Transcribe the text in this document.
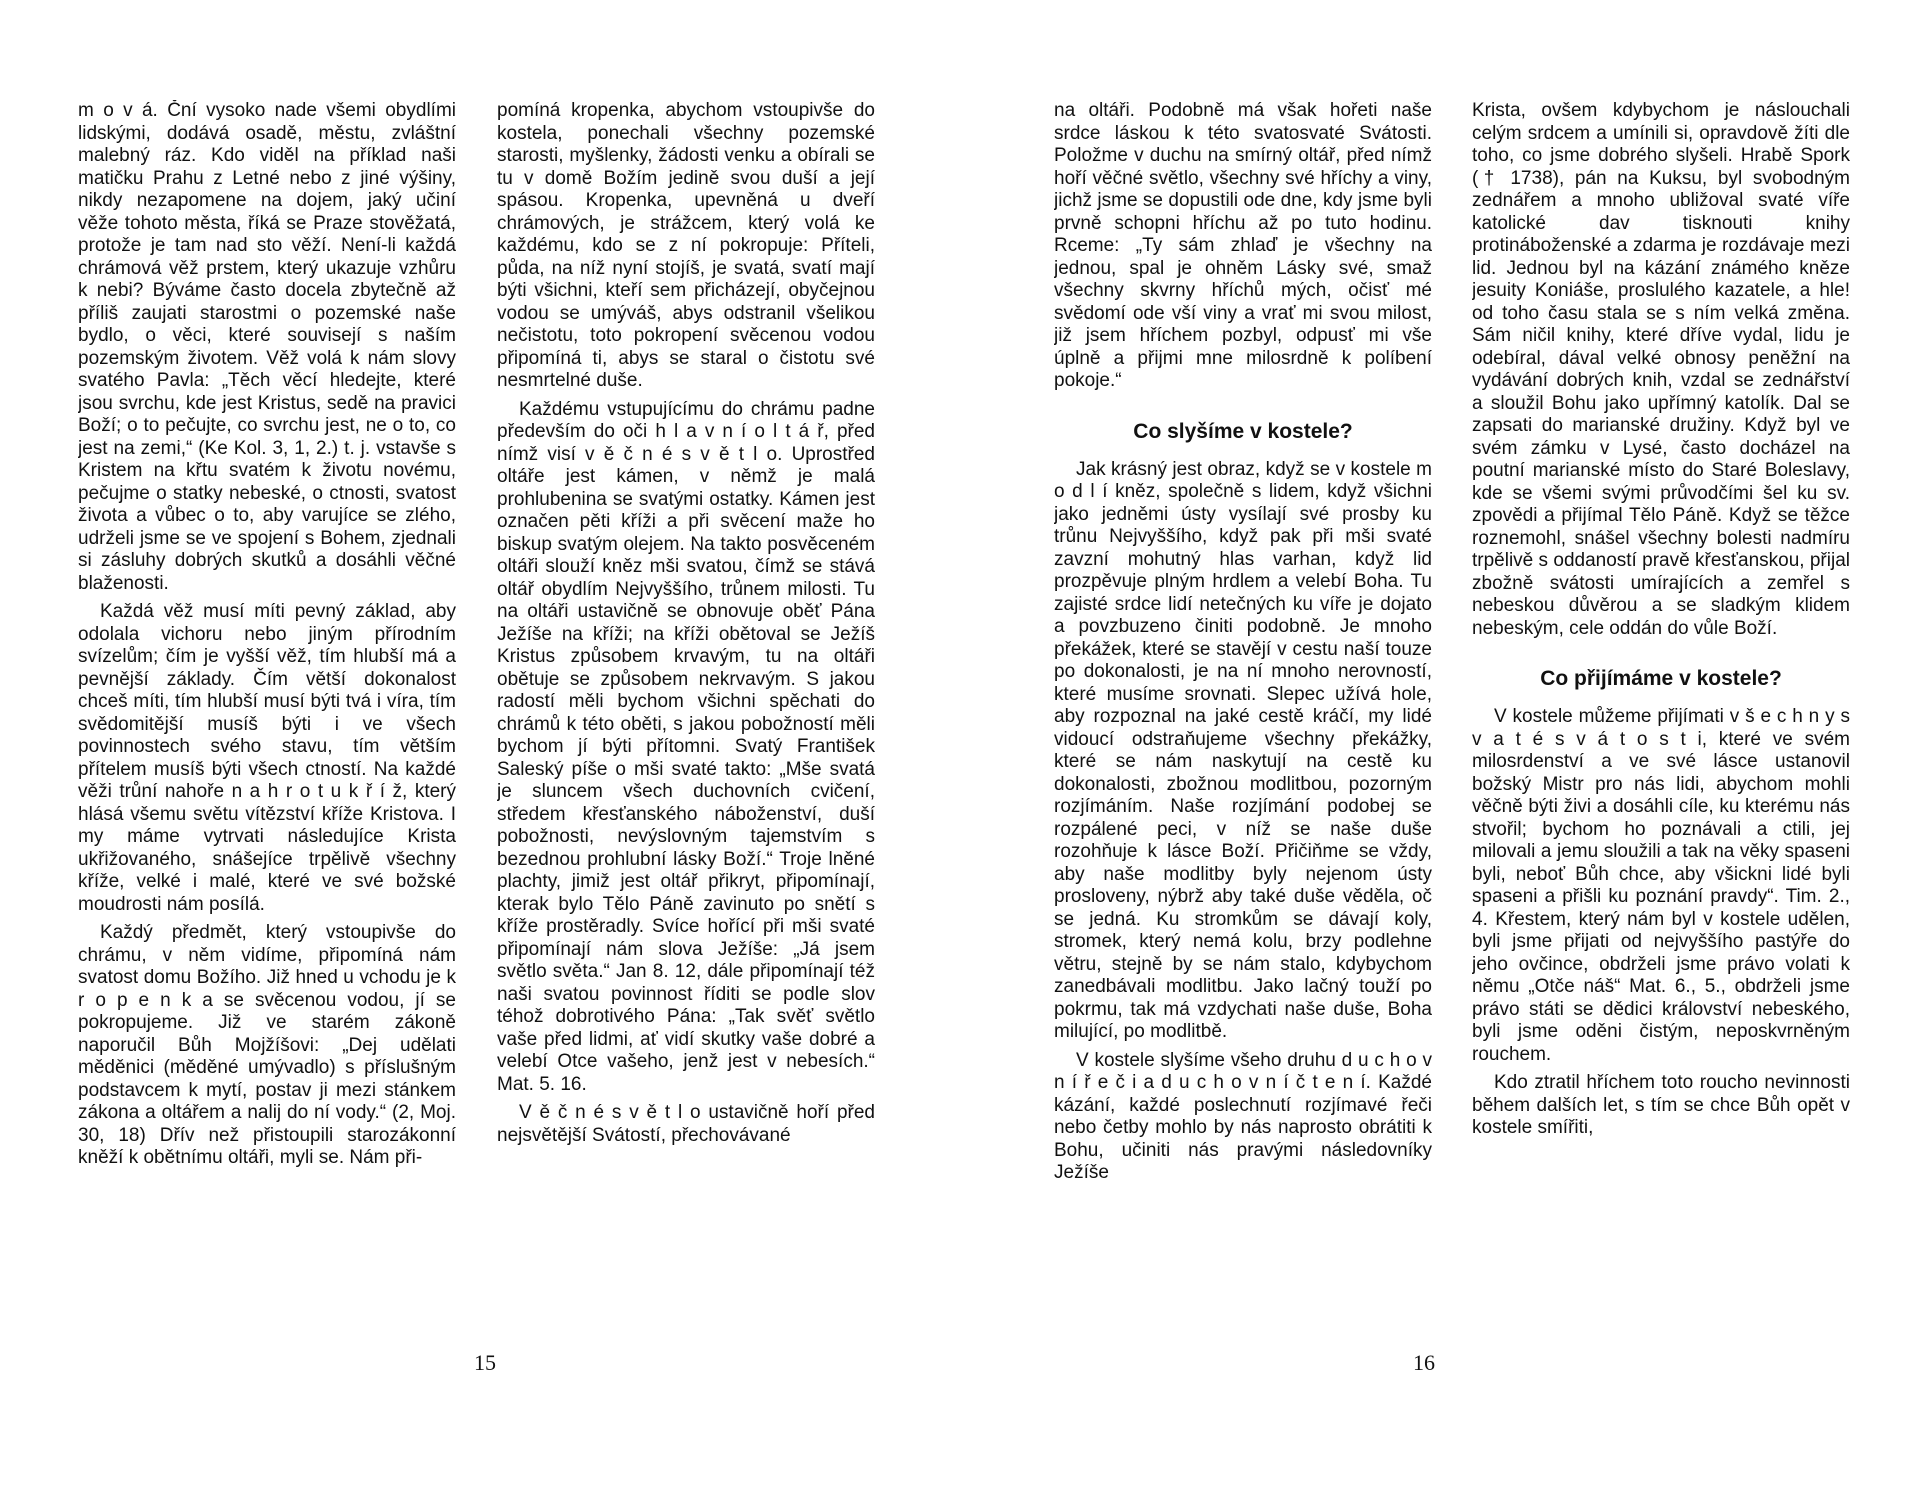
m o v á. Ční vysoko nade všemi obydlími lidskými, dodává osadě, městu, zvláštní malebný ráz. Kdo viděl na příklad naši matičku Prahu z Letné nebo z jiné výšiny, nikdy nezapomene na dojem, jaký učiní věže tohoto města, říká se Praze stověžatá, protože je tam nad sto věží. Není-li každá chrámová věž prstem, který ukazuje vzhůru k nebi? Býváme často docela zbytečně až příliš zaujati starostmi o pozemské naše bydlo, o věci, které souvisejí s naším pozemským životem. Věž volá k nám slovy svatého Pavla: „Těch věcí hledejte, které jsou svrchu, kde jest Kristus, sedě na pravici Boží; o to pečujte, co svrchu jest, ne o to, co jest na zemi,“ (Ke Kol. 3, 1, 2.) t. j. vstavše s Kristem na křtu svatém k životu novému, pečujme o statky nebeské, o ctnosti, svatost života a vůbec o to, aby varujíce se zlého, udrželi jsme se ve spojení s Bohem, zjednali si zásluhy dobrých skutků a dosáhli věčné blaženosti.

Každá věž musí míti pevný základ, aby odolala vichoru nebo jiným přírodním svízelům; čím je vyšší věž, tím hlubší má a pevnější základy. Čím větší dokonalost chceš míti, tím hlubší musí býti tvá i víra, tím svědomitější musíš býti i ve všech povinnostech svého stavu, tím větším přítelem musíš býti všech ctností. Na každé věži trůní nahoře n a h r o t u k ř í ž, který hlásá všemu světu vítězství kříže Kristova. I my máme vytrvati následujíce Krista ukřižovaného, snášejíce trpělivě všechny kříže, velké i malé, které ve své božské moudrosti nám posílá.

Každý předmět, který vstoupivše do chrámu, v něm vidíme, připomíná nám svatost domu Božího. Již hned u vchodu je k r o p e n k a se svěcenou vodou, jí se pokropujeme. Již ve starém zákoně naporučil Bůh Mojžíšovi: „Dej udělati měděnici (měděné umývadlo) s příslušným podstavcem k mytí, postav ji mezi stánkem zákona a oltářem a nalij do ní vody.“ (2, Moj. 30, 18) Dřív než přistoupili starozákonní kněží k obětnímu oltáři, myli se. Nám při-

pomíná kropenka, abychom vstoupivše do kostela, ponechali všechny pozemské starosti, myšlenky, žádosti venku a obírali se tu v domě Božím jedině svou duší a její spásou. Kropenka, upevněná u dveří chrámových, je strážcem, který volá ke každému, kdo se z ní pokropuje: Příteli, půda, na níž nyní stojíš, je svatá, svatí mají býti všichni, kteří sem přicházejí, obyčejnou vodou se umýváš, abys odstranil všelikou nečistotu, toto pokropení svěcenou vodou připomíná ti, abys se staral o čistotu své nesmrtelné duše.

Každému vstupujícímu do chrámu padne především do oči h l a v n í o l t á ř, před nímž visí v ě č n é s v ě t l o. Uprostřed oltáře jest kámen, v němž je malá prohlubenina se svatými ostatky. Kámen jest označen pěti kříži a při svěcení maže ho biskup svatým olejem. Na takto posvěceném oltáři slouží kněz mši svatou, čímž se stává oltář obydlím Nejvyššího, trůnem milosti. Tu na oltáři ustavičně se obnovuje oběť Pána Ježíše na kříži; na kříži obětoval se Ježíš Kristus způsobem krvavým, tu na oltáři obětuje se způsobem nekrvavým. S jakou radostí měli bychom všichni spěchati do chrámů k této oběti, s jakou pobožností měli bychom jí býti přítomni. Svatý František Saleský píše o mši svaté takto: „Mše svatá je sluncem všech duchovních cvičení, středem křesťanského náboženství, duší pobožnosti, nevýslovným tajemstvím s bezednou prohlubní lásky Boží.“ Troje lněné plachty, jimiž jest oltář přikryt, připomínají, kterak bylo Tělo Páně zavinuto po snětí s kříže prostěradly. Svíce hořící při mši svaté připomínají nám slova Ježíše: „Já jsem světlo světa.“ Jan 8. 12, dále připomínají též naši svatou povinnost říditi se podle slov téhož dobrotivého Pána: „Tak svěť světlo vaše před lidmi, ať vidí skutky vaše dobré a velebí Otce vašeho, jenž jest v nebesích.“ Mat. 5. 16.

V ě č n é s v ě t l o ustavičně hoří před nejsvětější Svátostí, přechovávané

15

na oltáři. Podobně má však hořeti naše srdce láskou k této svatosvaté Svátosti. Položme v duchu na smírný oltář, před nímž hoří věčné světlo, všechny své hříchy a viny, jichž jsme se dopustili ode dne, kdy jsme byli prvně schopni hříchu až po tuto hodinu. Rceme: „Ty sám zhlaď je všechny na jednou, spal je ohněm Lásky své, smaž všechny skvrny hříchů mých, očisť mé svědomí ode vší viny a vrať mi svou milost, již jsem hříchem pozbyl, odpusť mi vše úplně a přijmi mne milosrdně k políbení pokoje.“

Co slyšíme v kostele?

Jak krásný jest obraz, když se v kostele m o d l í kněz, společně s lidem, když všichni jako jedněmi ústy vysílají své prosby ku trůnu Nejvyššího, když pak při mši svaté zavzní mohutný hlas varhan, když lid prozpěvuje plným hrdlem a velebí Boha. Tu zajisté srdce lidí netečných ku víře je dojato a povzbuzeno činiti podobně. Je mnoho překážek, které se stavějí v cestu naší touze po dokonalosti, je na ní mnoho nerovností, které musíme srovnati. Slepec užívá hole, aby rozpoznal na jaké cestě kráčí, my lidé vidoucí odstraňujeme všechny překážky, které se nám naskytují na cestě ku dokonalosti, zbožnou modlitbou, pozorným rozjímáním. Naše rozjímání podobej se rozpálené peci, v níž se naše duše rozohňuje k lásce Boží. Přičiňme se vždy, aby naše modlitby byly nejenom ústy prosloveny, nýbrž aby také duše věděla, oč se jedná. Ku stromkům se dávají koly, stromek, který nemá kolu, brzy podlehne větru, stejně by se nám stalo, kdybychom zanedbávali modlitbu. Jako lačný touží po pokrmu, tak má vzdychati naše duše, Boha milující, po modlitbě.

V kostele slyšíme všeho druhu d u c h o v n í ř e č i a d u c h o v n í č t e n í. Každé kázání, každé poslechnutí rozjímavé řeči nebo četby mohlo by nás naprosto obrátiti k Bohu, učiniti nás pravými následovníky Ježíše

Krista, ovšem kdybychom je náslouchali celým srdcem a umínili si, opravdově žíti dle toho, co jsme dobrého slyšeli. Hrabě Spork († 1738), pán na Kuksu, byl svobodným zednářem a mnoho ubližoval svaté víře katolické dav tisknouti knihy protináboženské a zdarma je rozdávaje mezi lid. Jednou byl na kázání známého kněze jesuity Koniáše, proslulého kazatele, a hle! od toho času stala se s ním velká změna. Sám ničil knihy, které dříve vydal, lidu je odebíral, dával velké obnosy peněžní na vydávání dobrých knih, vzdal se zednářství a sloužil Bohu jako upřímný katolík. Dal se zapsati do marianské družiny. Když byl ve svém zámku v Lysé, často docházel na poutní marianské místo do Staré Boleslavy, kde se všemi svými průvodčími šel ku sv. zpovědi a přijímal Tělo Páně. Když se těžce roznemohl, snášel všechny bolesti nadmíru trpělivě s oddaností pravě křesťanskou, přijal zbožně svátosti umírajících a zemřel s nebeskou důvěrou a se sladkým klidem nebeským, cele oddán do vůle Boží.

Co přijímáme v kostele?

V kostele můžeme přijímati v š e c h n y s v a t é s v á t o s t i, které ve svém milosrdenství a ve své lásce ustanovil božský Mistr pro nás lidi, abychom mohli věčně býti živi a dosáhli cíle, ku kterému nás stvořil; bychom ho poznávali a ctili, jej milovali a jemu sloužili a tak na věky spaseni byli, neboť Bůh chce, aby všickni lidé byli spaseni a přišli ku poznání pravdy“. Tim. 2., 4. Křestem, který nám byl v kostele udělen, byli jsme přijati od nejvyššího pastýře do jeho ovčince, obdrželi jsme právo volati k němu „Otče náš“ Mat. 6., 5., obdrželi jsme právo státi se dědici království nebeského, byli jsme oděni čistým, neposkvrněným rouchem.

Kdo ztratil hříchem toto roucho nevinnosti během dalších let, s tím se chce Bůh opět v kostele smířiti,

16
